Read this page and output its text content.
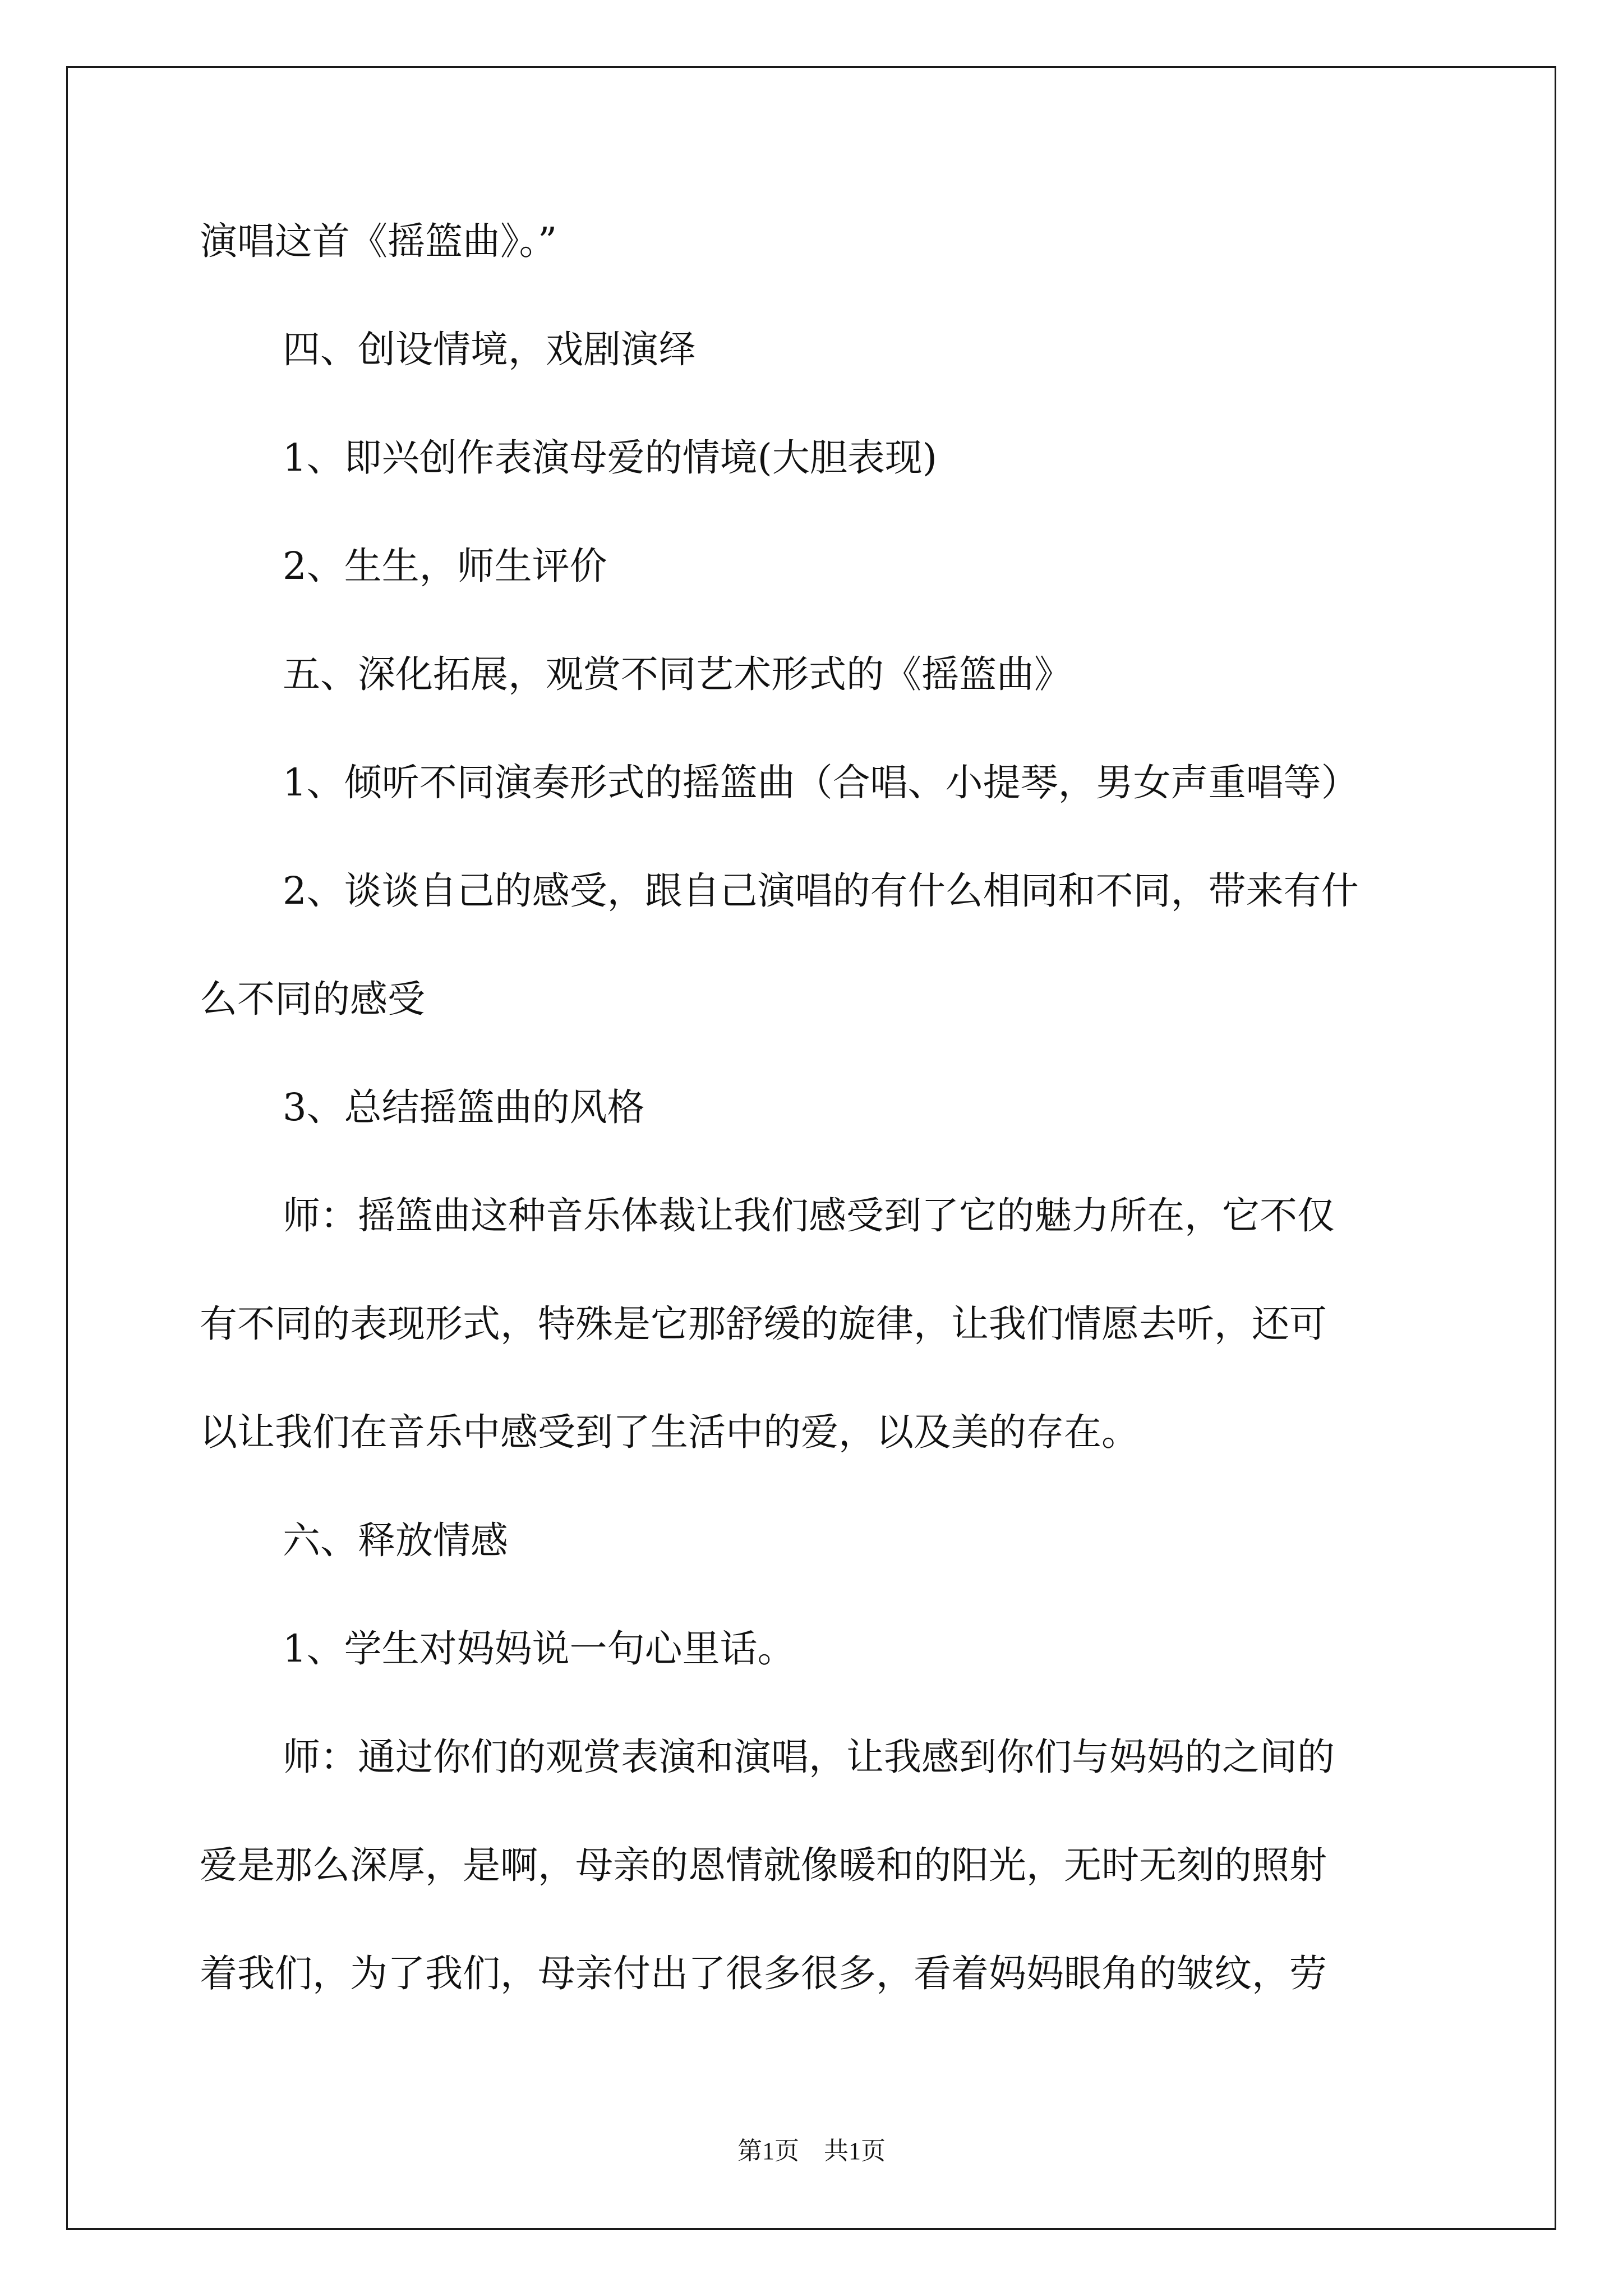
演唱这首《摇篮曲》。”
四、创设情境，戏剧演绎
1、即兴创作表演母爱的情境(大胆表现)
2、生生，师生评价
五、深化拓展，观赏不同艺术形式的《摇篮曲》
1、倾听不同演奏形式的摇篮曲（合唱、小提琴，男女声重唱等）
2、谈谈自己的感受，跟自己演唱的有什么相同和不同，带来有什
么不同的感受
3、总结摇篮曲的风格
师：摇篮曲这种音乐体裁让我们感受到了它的魅力所在，它不仅
有不同的表现形式，特殊是它那舒缓的旋律，让我们情愿去听，还可
以让我们在音乐中感受到了生活中的爱，以及美的存在。
六、释放情感
1、学生对妈妈说一句心里话。
师：通过你们的观赏表演和演唱，让我感到你们与妈妈的之间的
爱是那么深厚，是啊，母亲的恩情就像暖和的阳光，无时无刻的照射
着我们，为了我们，母亲付出了很多很多，看着妈妈眼角的皱纹，劳
第1页　共1页
